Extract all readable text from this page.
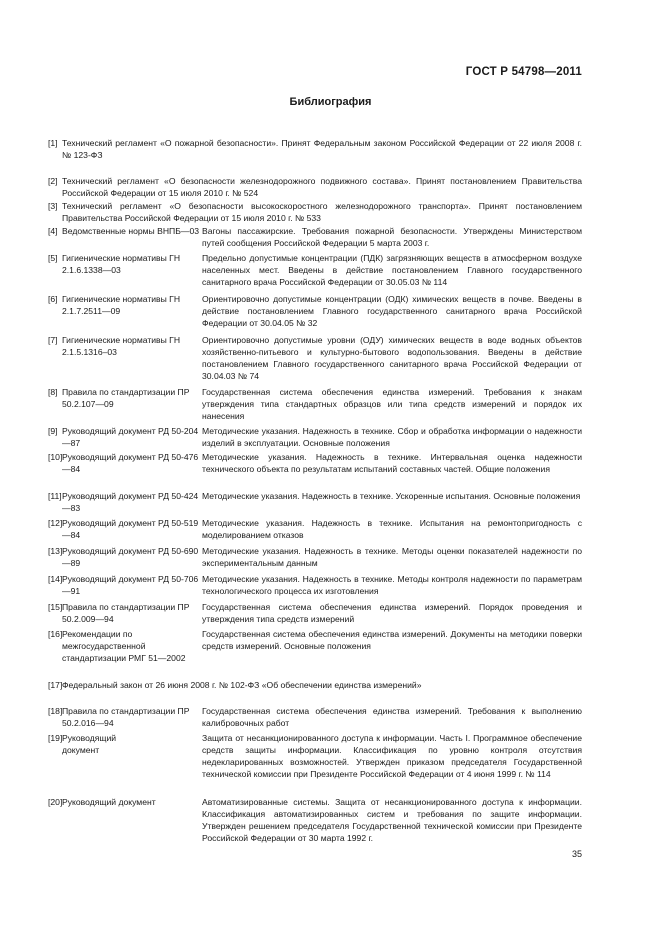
ГОСТ Р 54798—2011
Библиография
[1] Технический регламент «О пожарной безопасности». Принят Федеральным законом Российской Федерации от 22 июля 2008 г. № 123-ФЗ
[2] Технический регламент «О безопасности железнодорожного подвижного состава». Принят постановлением Правительства Российской Федерации от 15 июля 2010 г. № 524
[3] Технический регламент «О безопасности высокоскоростного железнодорожного транспорта». Принят постановлением Правительства Российской Федерации от 15 июля 2010 г. № 533
[4] Ведомственные нормы ВНПБ—03 Вагоны пассажирские. Требования пожарной безопасности. Утверждены Министерством путей сообщения Российской Федерации 5 марта 2003 г.
[5] Гигиенические нормативы ГН 2.1.6.1338—03
Предельно допустимые концентрации (ПДК) загрязняющих веществ в атмосферном воздухе населенных мест. Введены в действие постановлением Главного государственного санитарного врача Российской Федерации от 30.05.03 № 114
[6] Гигиенические нормативы ГН 2.1.7.2511—09
Ориентировочно допустимые концентрации (ОДК) химических веществ в почве. Введены в действие постановлением Главного государственного санитарного врача Российской Федерации от 30.04.05 № 32
[7] Гигиенические нормативы ГН 2.1.5.1316–03
Ориентировочно допустимые уровни (ОДУ) химических веществ в воде водных объектов хозяйственно-питьевого и культурно-бытового водопользования. Введены в действие постановлением Главного государственного санитарного врача Российской Федерации от 30.04.03 № 74
[8] Правила по стандартизации ПР 50.2.107—09
Государственная система обеспечения единства измерений. Требования к знакам утверждения типа стандартных образцов или типа средств измерений и порядок их нанесения
[9] Руководящий документ РД 50-204—87
Методические указания. Надежность в технике. Сбор и обработка информации о надежности изделий в эксплуатации. Основные положения
[10] Руководящий документ РД 50-476—84
Методические указания. Надежность в технике. Интервальная оценка надежности технического объекта по результатам испытаний составных частей. Общие положения
[11] Руководящий документ РД 50-424—83
Методические указания. Надежность в технике. Ускоренные испытания. Основные положения
[12] Руководящий документ РД 50-519—84
Методические указания. Надежность в технике. Испытания на ремонтопригодность с моделированием отказов
[13] Руководящий документ РД 50-690—89
Методические указания. Надежность в технике. Методы оценки показателей надежности по экспериментальным данным
[14] Руководящий документ РД 50-706—91
Методические указания. Надежность в технике. Методы контроля надежности по параметрам технологического процесса их изготовления
[15] Правила по стандартизации ПР 50.2.009—94
Государственная система обеспечения единства измерений. Порядок проведения и утверждения типа средств измерений
[16] Рекомендации по межгосударственной стандартизации РМГ 51—2002
Государственная система обеспечения единства измерений. Документы на методики поверки средств измерений. Основные положения
[17] Федеральный закон от 26 июня 2008 г. № 102-ФЗ «Об обеспечении единства измерений»
[18] Правила по стандартизации ПР 50.2.016—94
Государственная система обеспечения единства измерений. Требования к выполнению калибровочных работ
[19] Руководящий документ
Защита от несанкционированного доступа к информации. Часть I. Программное обеспечение средств защиты информации. Классификация по уровню контроля отсутствия недекларированных возможностей. Утвержден приказом председателя Государственной технической комиссии при Президенте Российской Федерации от 4 июня 1999 г. № 114
[20] Руководящий документ	Автоматизированные системы. Защита от несанкционированного доступа к информации. Классификация автоматизированных систем и требования по защите информации. Утвержден решением председателя Государственной технической комиссии при Президенте Российской Федерации от 30 марта 1992 г.
35
